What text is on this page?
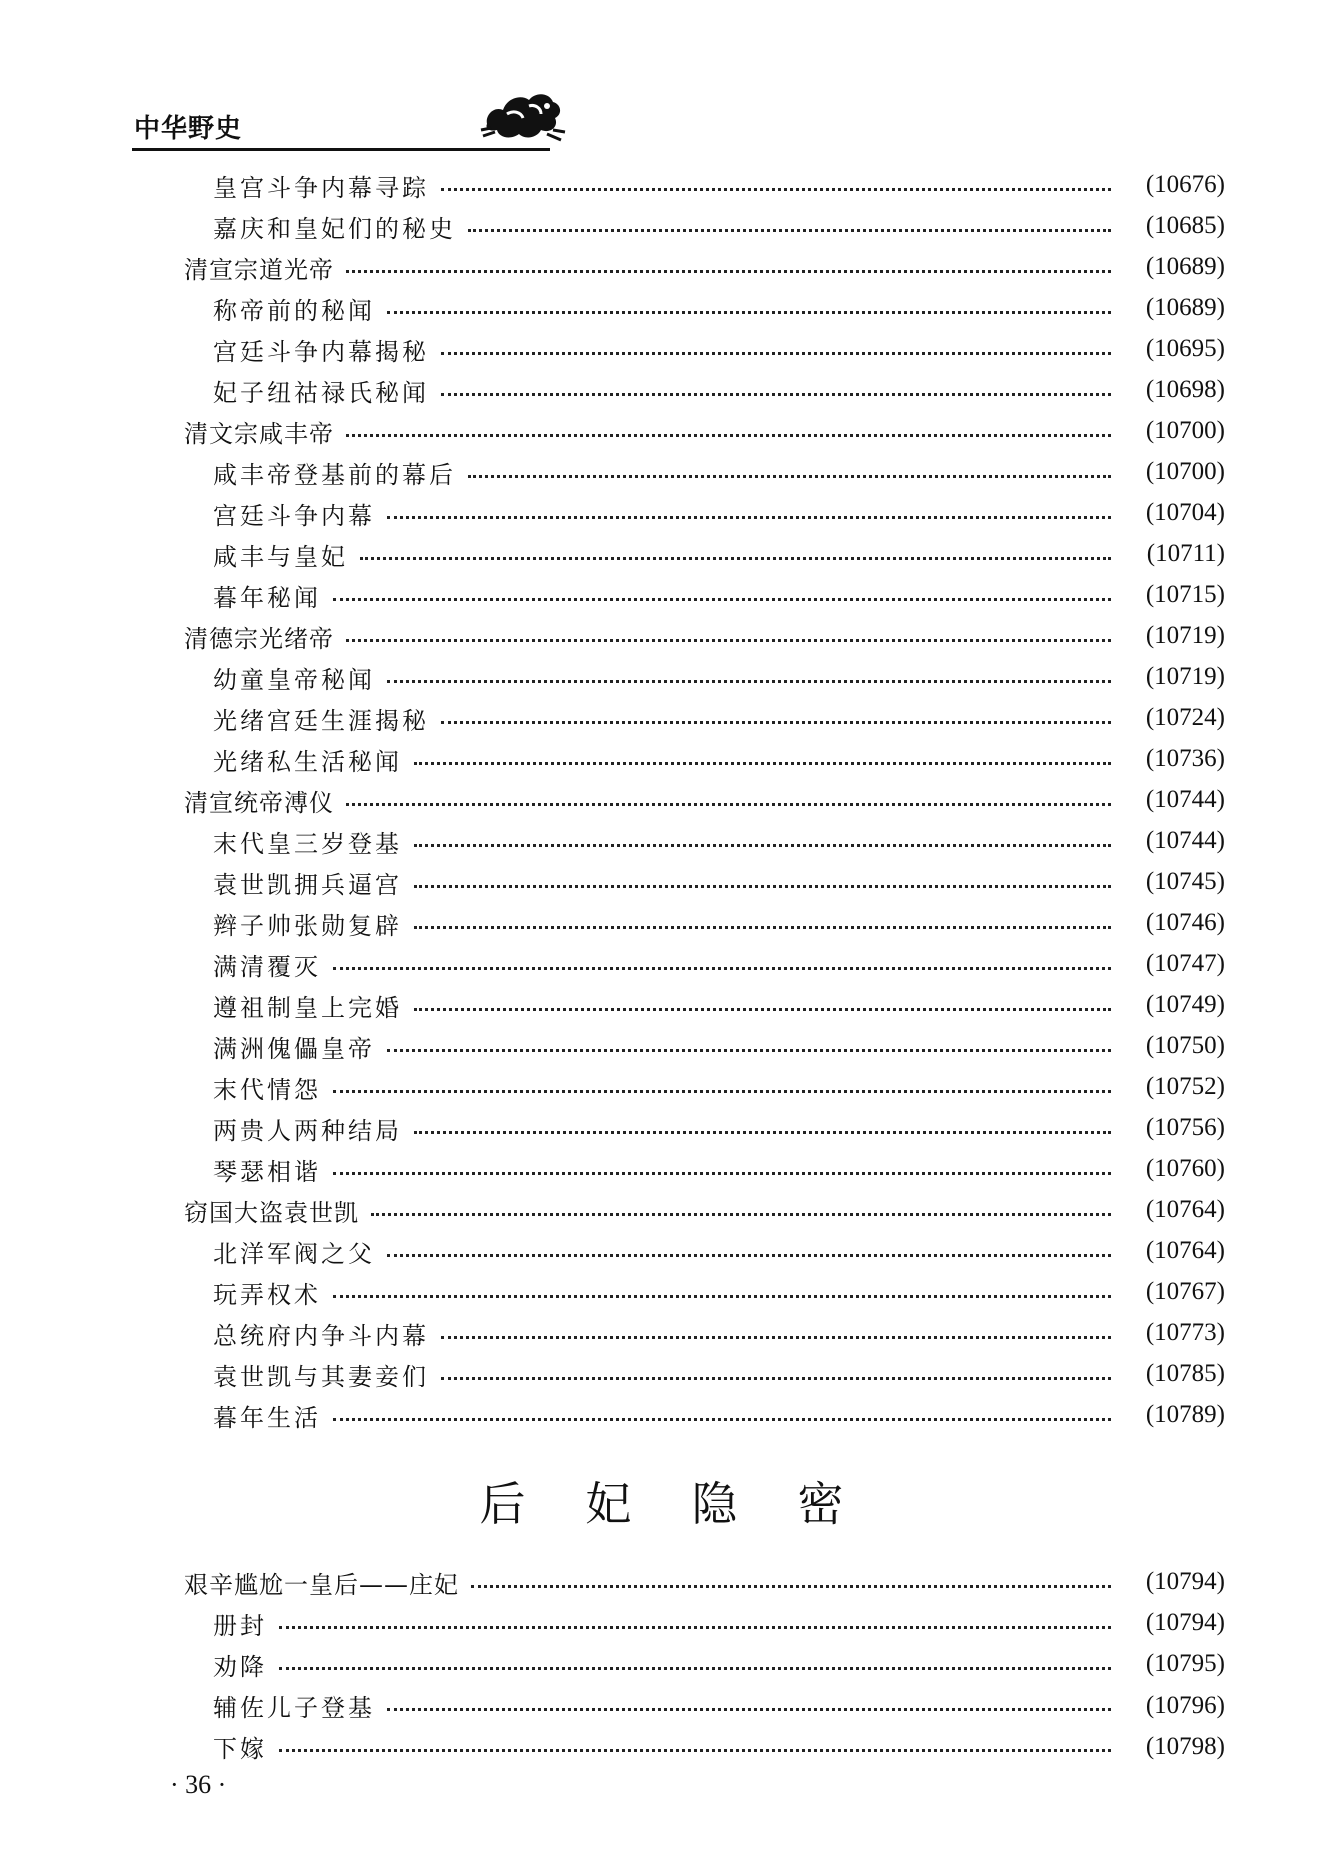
中华野史
皇宫斗争内幕寻踪	(10676)
嘉庆和皇妃们的秘史	(10685)
清宣宗道光帝	(10689)
称帝前的秘闻	(10689)
宫廷斗争内幕揭秘	(10695)
妃子纽祜禄氏秘闻	(10698)
清文宗咸丰帝	(10700)
咸丰帝登基前的幕后	(10700)
宫廷斗争内幕	(10704)
咸丰与皇妃	(10711)
暮年秘闻	(10715)
清德宗光绪帝	(10719)
幼童皇帝秘闻	(10719)
光绪宫廷生涯揭秘	(10724)
光绪私生活秘闻	(10736)
清宣统帝溥仪	(10744)
末代皇三岁登基	(10744)
袁世凯拥兵逼宫	(10745)
辫子帅张勋复辟	(10746)
满清覆灭	(10747)
遵祖制皇上完婚	(10749)
满洲傀儡皇帝	(10750)
末代情怨	(10752)
两贵人两种结局	(10756)
琴瑟相谐	(10760)
窃国大盗袁世凯	(10764)
北洋军阀之父	(10764)
玩弄权术	(10767)
总统府内争斗内幕	(10773)
袁世凯与其妻妾们	(10785)
暮年生活	(10789)
后妃隐密
艰辛尴尬一皇后——庄妃	(10794)
册封	(10794)
劝降	(10795)
辅佐儿子登基	(10796)
下嫁	(10798)
· 36 ·
